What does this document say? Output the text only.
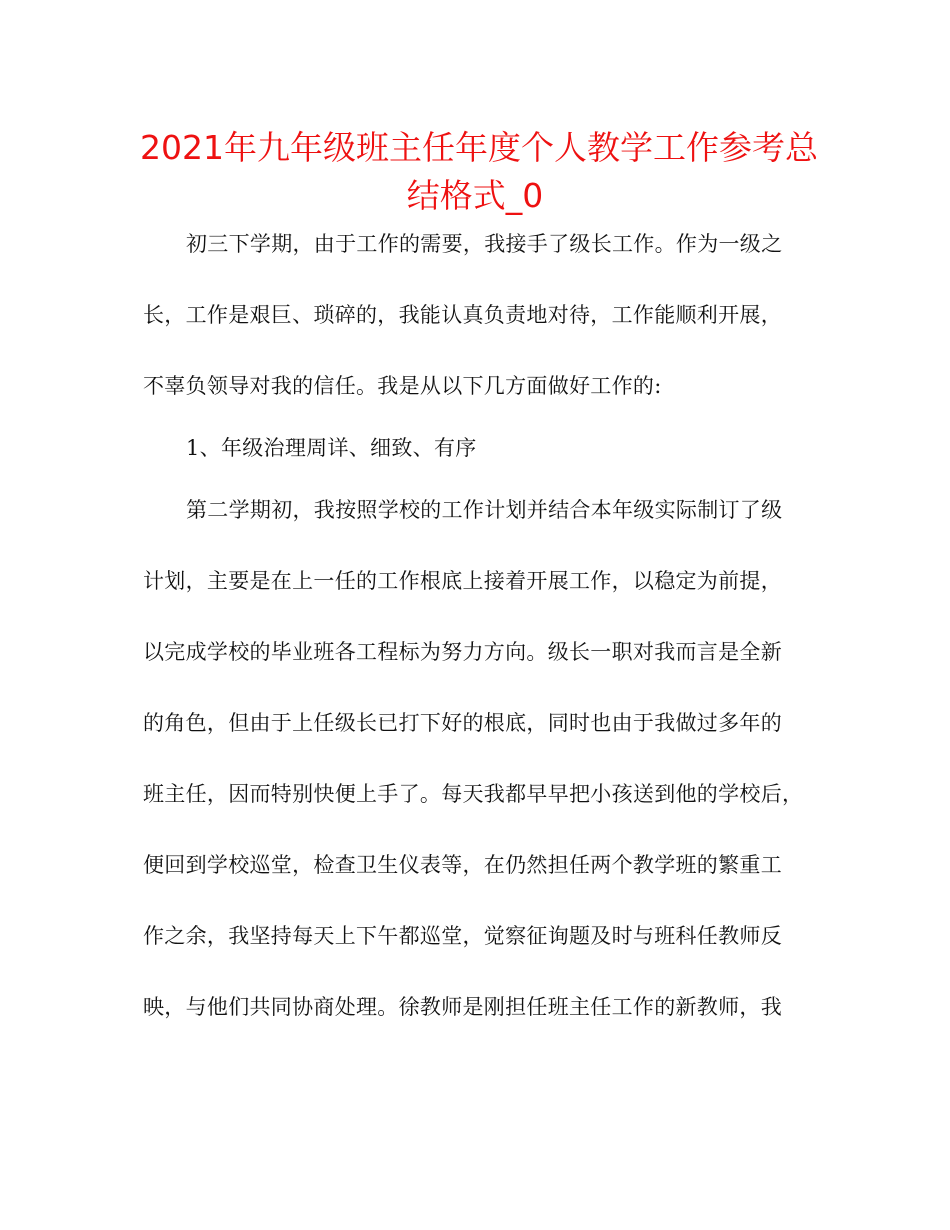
2021年九年级班主任年度个人教学工作参考总
结格式_0
初三下学期，由于工作的需要，我接手了级长工作。作为一级之
长，工作是艰巨、琐碎的，我能认真负责地对待，工作能顺利开展，
不辜负领导对我的信任。我是从以下几方面做好工作的:
1、年级治理周详、细致、有序
第二学期初，我按照学校的工作计划并结合本年级实际制订了级
计划，主要是在上一任的工作根底上接着开展工作，以稳定为前提，
以完成学校的毕业班各工程标为努力方向。级长一职对我而言是全新
的角色，但由于上任级长已打下好的根底，同时也由于我做过多年的
班主任，因而特别快便上手了。每天我都早早把小孩送到他的学校后，
便回到学校巡堂，检查卫生仪表等，在仍然担任两个教学班的繁重工
作之余，我坚持每天上下午都巡堂，觉察征询题及时与班科任教师反
映，与他们共同协商处理。徐教师是刚担任班主任工作的新教师，我
